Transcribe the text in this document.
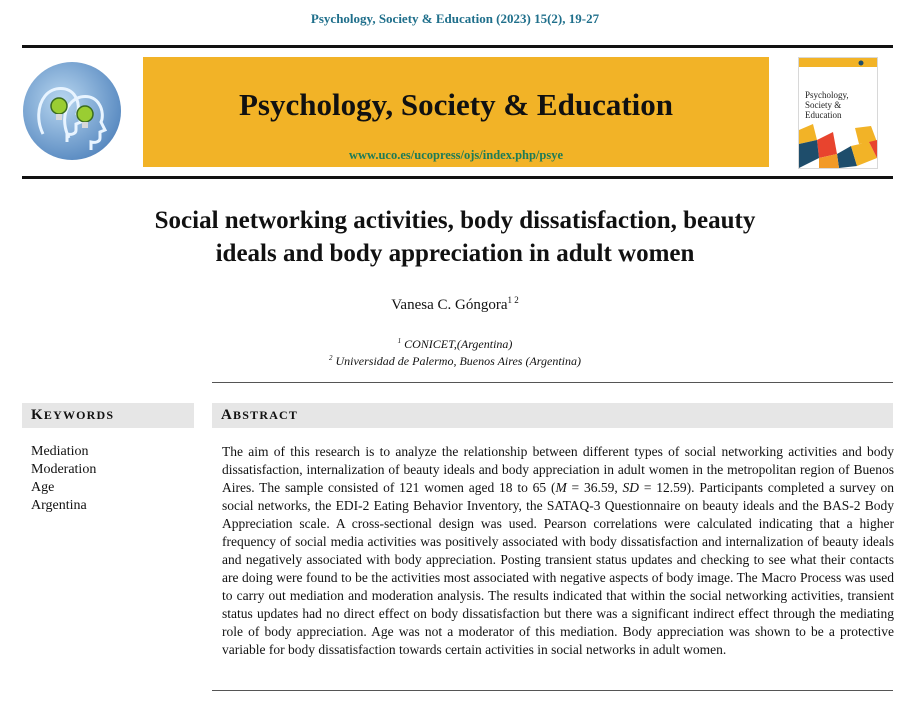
Psychology, Society & Education (2023) 15(2), 19-27
Psychology, Society & Education
www.uco.es/ucopress/ojs/index.php/psye
Psychology, Society & Education
Social networking activities, body dissatisfaction, beauty
ideals and body appreciation in adult women
Vanesa C. Góngora$^{1 2}$
$^1$ CONICET,(Argentina)
$^2$ Universidad de Palermo, Buenos Aires (Argentina)
KEYWORDS	ABSTRACT
Mediation
Moderation
Age
Argentina
The aim of this research is to analyze the relationship between different types of social networking activities and body dissatisfaction, internalization of beauty ideals and body appreciation in adult women in the metropolitan region of Buenos Aires. The sample consisted of 121 women aged 18 to 65 (M = 36.59, SD = 12.59). Participants completed a survey on social networks, the EDI-2 Eating Behavior Inventory, the SATAQ-3 Questionnaire on beauty ideals and the BAS-2 Body Appreciation scale. A cross-sectional design was used. Pearson correlations were calculated indicating that a higher frequency of social media activities was positively associated with body dissatisfaction and internalization of beauty ideals and negatively associated with body appreciation. Posting transient status updates and checking to see what their contacts are doing were found to be the activities most associated with negative aspects of body image. The Macro Process was used to carry out mediation and moderation analysis. The results indicated that within the social networking activities, transient status updates had no direct effect on body dissatisfaction but there was a significant indirect effect through the mediating role of body appreciation. Age was not a moderator of this mediation. Body appreciation was shown to be a protective variable for body dissatisfaction towards certain activities in social networks in adult women.
